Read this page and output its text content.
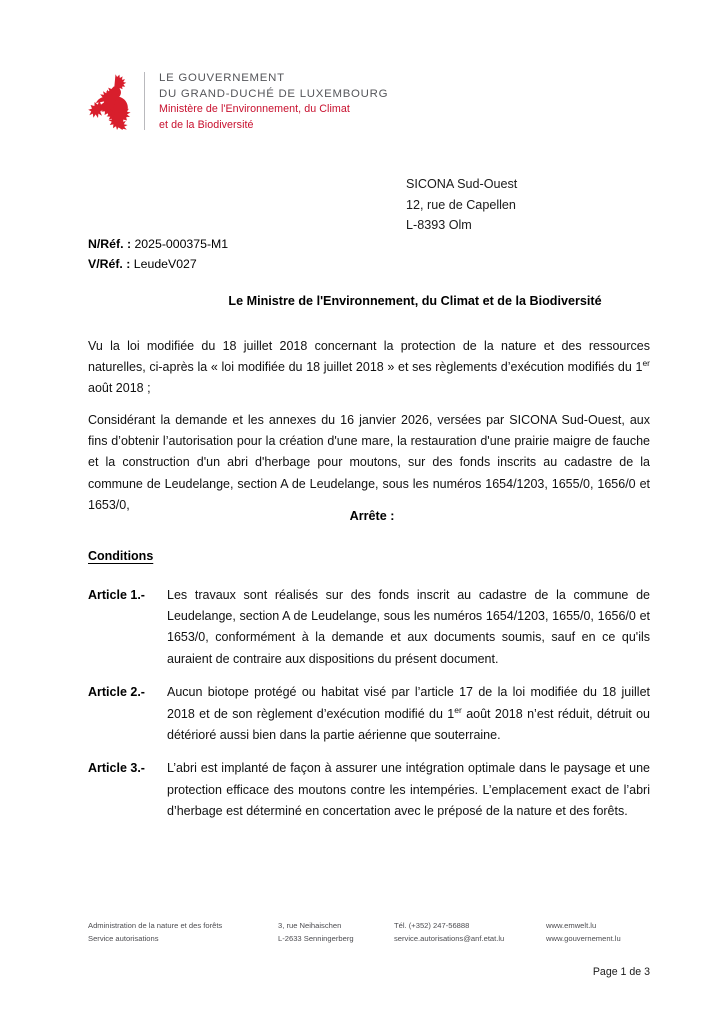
LE GOUVERNEMENT
DU GRAND-DUCHÉ DE LUXEMBOURG
Ministère de l'Environnement, du Climat
et de la Biodiversité
SICONA Sud-Ouest
12, rue de Capellen
L-8393 Olm
N/Réf. : 2025-000375-M1
V/Réf. : LeudeV027
Le Ministre de l'Environnement, du Climat et de la Biodiversité
Vu la loi modifiée du 18 juillet 2018 concernant la protection de la nature et des ressources naturelles, ci-après la « loi modifiée du 18 juillet 2018 » et ses règlements d’exécution modifiés du 1er août 2018 ;
Considérant la demande et les annexes du 16 janvier 2026, versées par SICONA Sud-Ouest, aux fins d’obtenir l’autorisation pour la création d'une mare, la restauration d'une prairie maigre de fauche et la construction d'un abri d'herbage pour moutons, sur des fonds inscrits au cadastre de la commune de Leudelange, section A de Leudelange, sous les numéros 1654/1203, 1655/0, 1656/0 et 1653/0,
Arrête :
Conditions
Article 1.-	Les travaux sont réalisés sur des fonds inscrit au cadastre de la commune de Leudelange, section A de Leudelange, sous les numéros 1654/1203, 1655/0, 1656/0 et 1653/0, conformément à la demande et aux documents soumis, sauf en ce qu'ils auraient de contraire aux dispositions du présent document.
Article 2.-	Aucun biotope protégé ou habitat visé par l’article 17 de la loi modifiée du 18 juillet 2018 et de son règlement d’exécution modifié du 1er août 2018 n’est réduit, détruit ou détérioré aussi bien dans la partie aérienne que souterraine.
Article 3.-	L’abri est implanté de façon à assurer une intégration optimale dans le paysage et une protection efficace des moutons contre les intempéries. L’emplacement exact de l’abri d’herbage est déterminé en concertation avec le préposé de la nature et des forêts.
Administration de la nature et des forêts
Service autorisations
3, rue Neihaischen
L-2633 Senningerberg
Tél. (+352) 247-56888
service.autorisations@anf.etat.lu
www.emwelt.lu
www.gouvernement.lu
Page 1 de 3
